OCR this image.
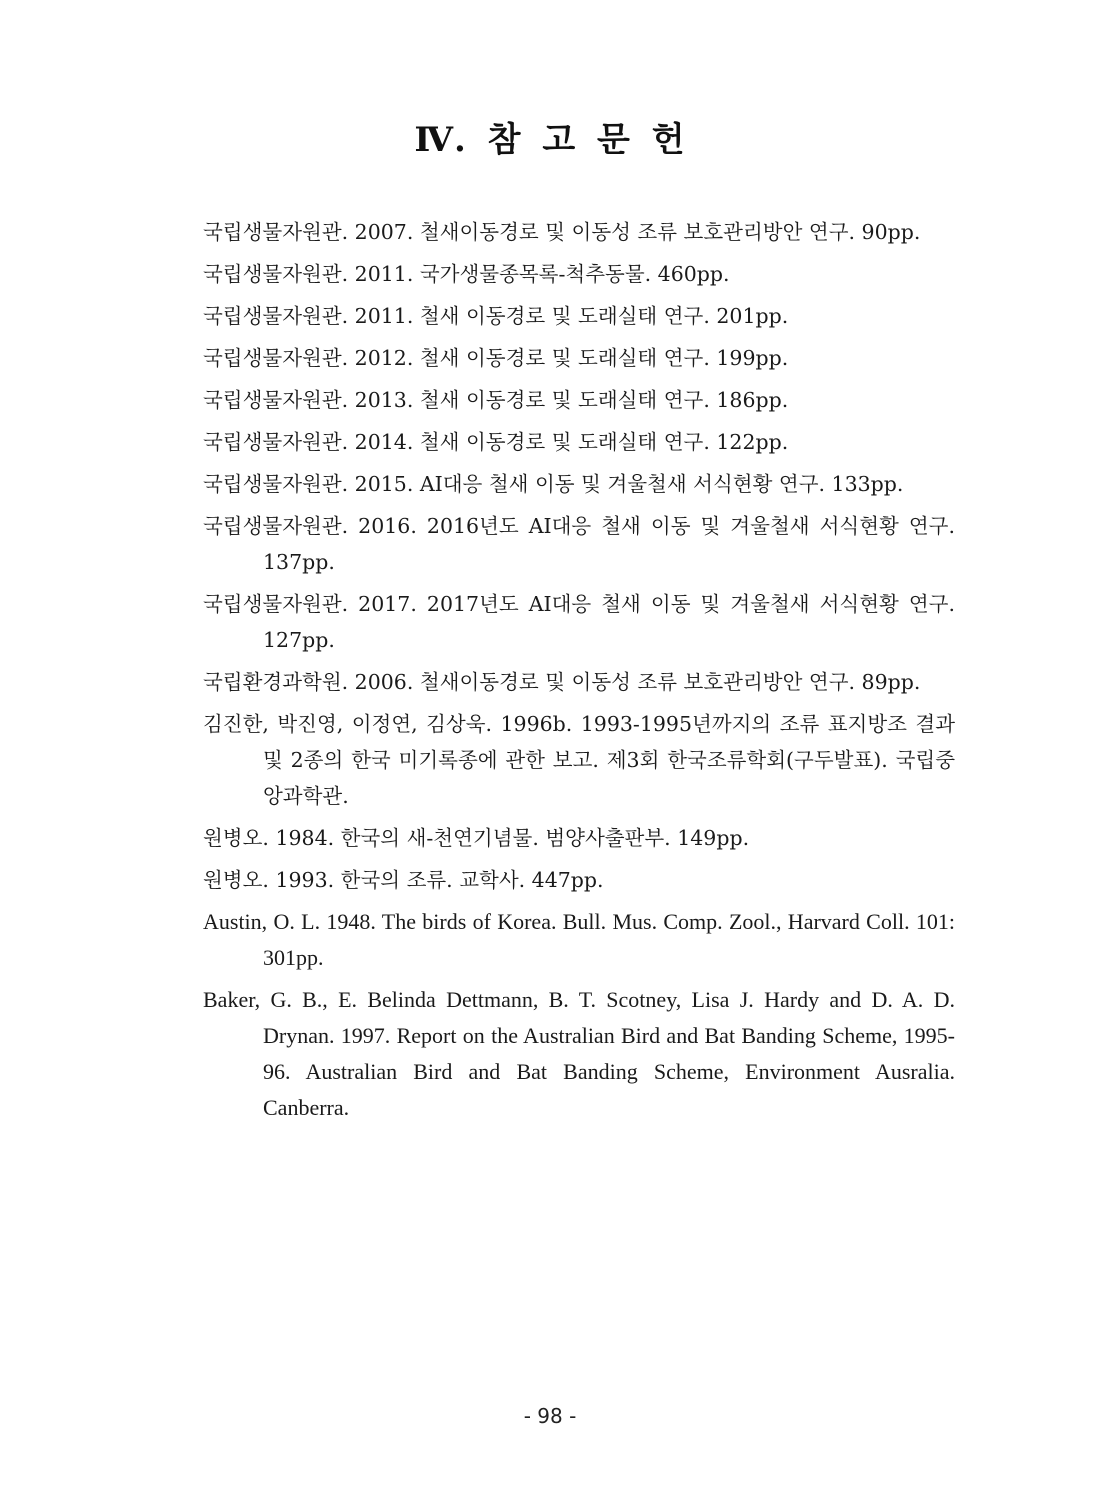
Ⅳ. 참 고 문 헌
국립생물자원관. 2007. 철새이동경로 및 이동성 조류 보호관리방안 연구. 90pp.
국립생물자원관. 2011. 국가생물종목록-척추동물. 460pp.
국립생물자원관. 2011. 철새 이동경로 및 도래실태 연구. 201pp.
국립생물자원관. 2012. 철새 이동경로 및 도래실태 연구. 199pp.
국립생물자원관. 2013. 철새 이동경로 및 도래실태 연구. 186pp.
국립생물자원관. 2014. 철새 이동경로 및 도래실태 연구. 122pp.
국립생물자원관. 2015. AI대응 철새 이동 및 겨울철새 서식현황 연구. 133pp.
국립생물자원관. 2016. 2016년도 AI대응 철새 이동 및 겨울철새 서식현황 연구. 137pp.
국립생물자원관. 2017. 2017년도 AI대응 철새 이동 및 겨울철새 서식현황 연구. 127pp.
국립환경과학원. 2006. 철새이동경로 및 이동성 조류 보호관리방안 연구. 89pp.
김진한, 박진영, 이정연, 김상욱. 1996b. 1993-1995년까지의 조류 표지방조 결과 및 2종의 한국 미기록종에 관한 보고. 제3회 한국조류학회(구두발표). 국립중앙과학관.
원병오. 1984. 한국의 새-천연기념물. 범양사출판부. 149pp.
원병오. 1993. 한국의 조류. 교학사. 447pp.
Austin, O. L. 1948. The birds of Korea. Bull. Mus. Comp. Zool., Harvard Coll. 101: 301pp.
Baker, G. B., E. Belinda Dettmann, B. T. Scotney, Lisa J. Hardy and D. A. D. Drynan. 1997. Report on the Australian Bird and Bat Banding Scheme, 1995-96. Australian Bird and Bat Banding Scheme, Environment Ausralia. Canberra.
- 98 -
